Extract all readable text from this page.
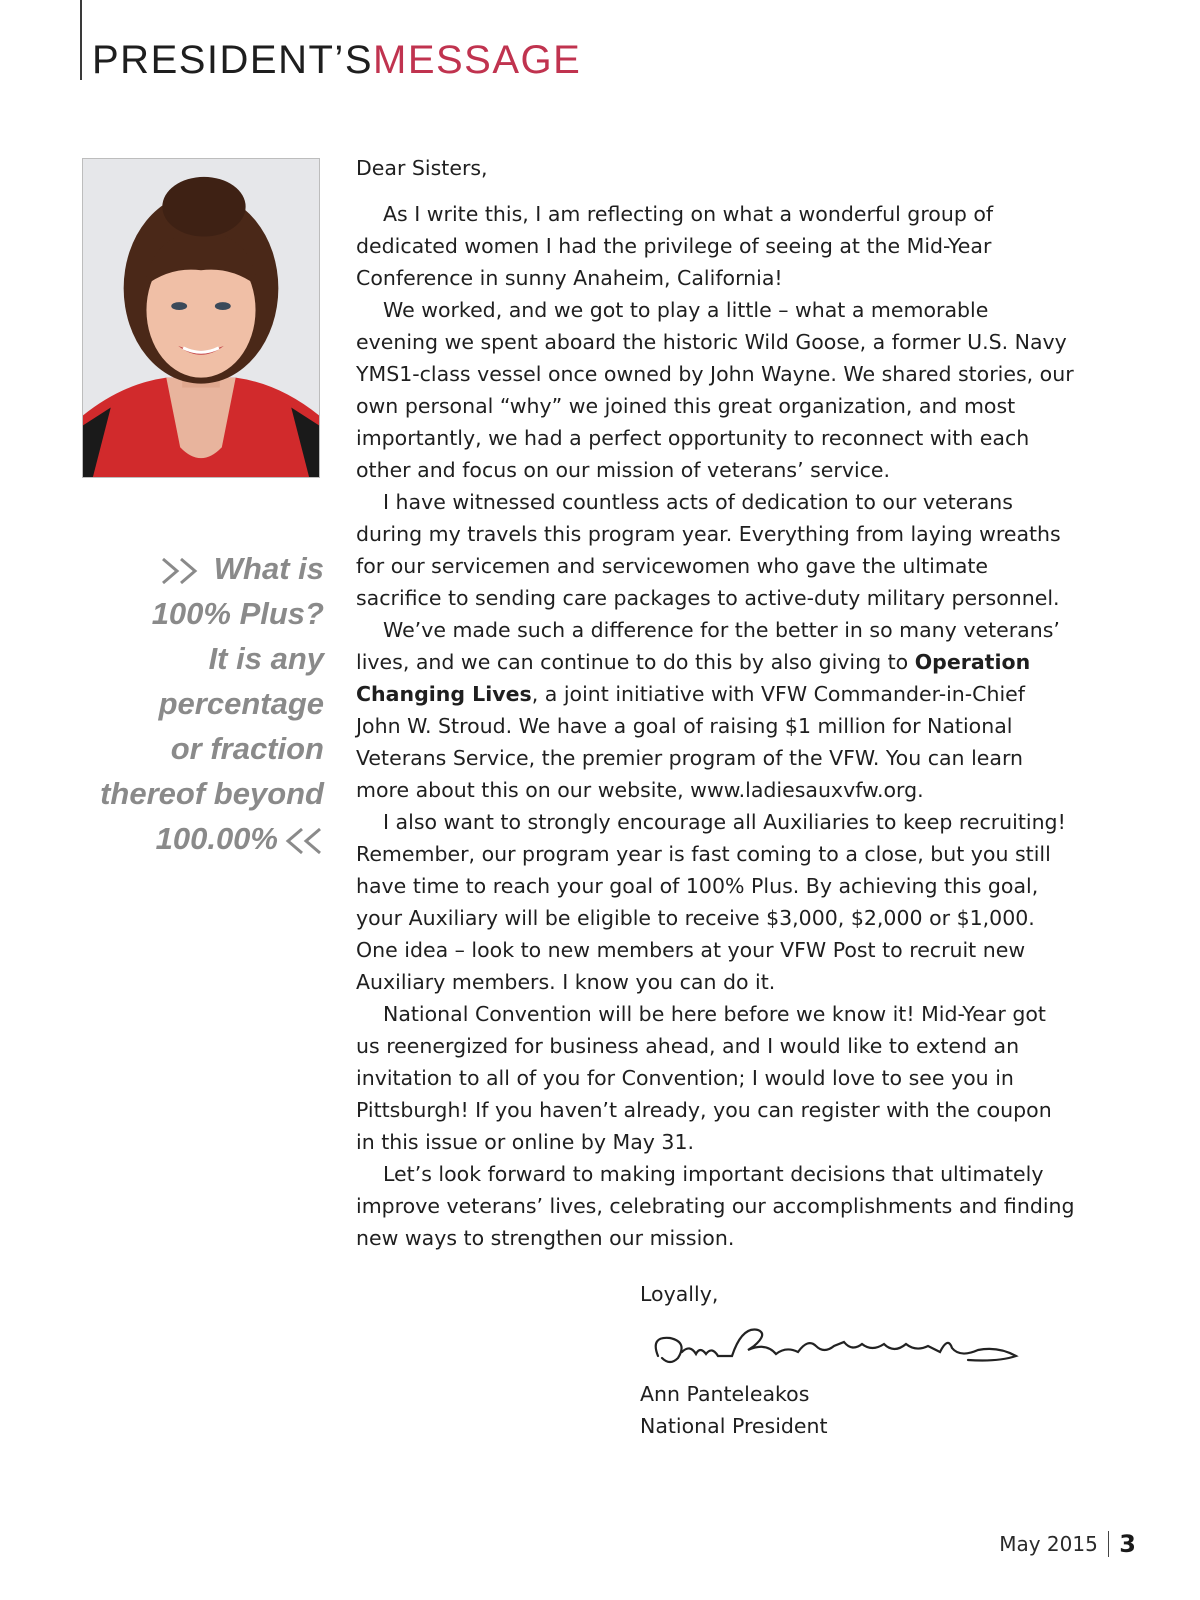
PRESIDENT’SMESSAGE
What is
100% Plus?
It is any
percentage
or fraction
thereof beyond
100.00%

Dear Sisters,

As I write this, I am reflecting on what a wonderful group of dedicated women I had the privilege of seeing at the Mid-Year Conference in sunny Anaheim, California!

We worked, and we got to play a little – what a memorable evening we spent aboard the historic Wild Goose, a former U.S. Navy YMS1-class vessel once owned by John Wayne. We shared stories, our own personal “why” we joined this great organization, and most importantly, we had a perfect opportunity to reconnect with each other and focus on our mission of veterans’ service.

I have witnessed countless acts of dedication to our veterans during my travels this program year. Everything from laying wreaths for our servicemen and servicewomen who gave the ultimate sacrifice to sending care packages to active-duty military personnel.

We’ve made such a difference for the better in so many veterans’ lives, and we can continue to do this by also giving to Operation Changing Lives, a joint initiative with VFW Commander-in-Chief John W. Stroud. We have a goal of raising $1 million for National Veterans Service, the premier program of the VFW. You can learn more about this on our website, www.ladiesauxvfw.org.

I also want to strongly encourage all Auxiliaries to keep recruiting! Remember, our program year is fast coming to a close, but you still have time to reach your goal of 100% Plus. By achieving this goal, your Auxiliary will be eligible to receive $3,000, $2,000 or $1,000. One idea – look to new members at your VFW Post to recruit new Auxiliary members. I know you can do it.

National Convention will be here before we know it! Mid-Year got us reenergized for business ahead, and I would like to extend an invitation to all of you for Convention; I would love to see you in Pittsburgh! If you haven’t already, you can register with the coupon in this issue or online by May 31.

Let’s look forward to making important decisions that ultimately improve veterans’ lives, celebrating our accomplishments and finding new ways to strengthen our mission.

Loyally,
Ann Panteleakos
National President
May 2015 3
